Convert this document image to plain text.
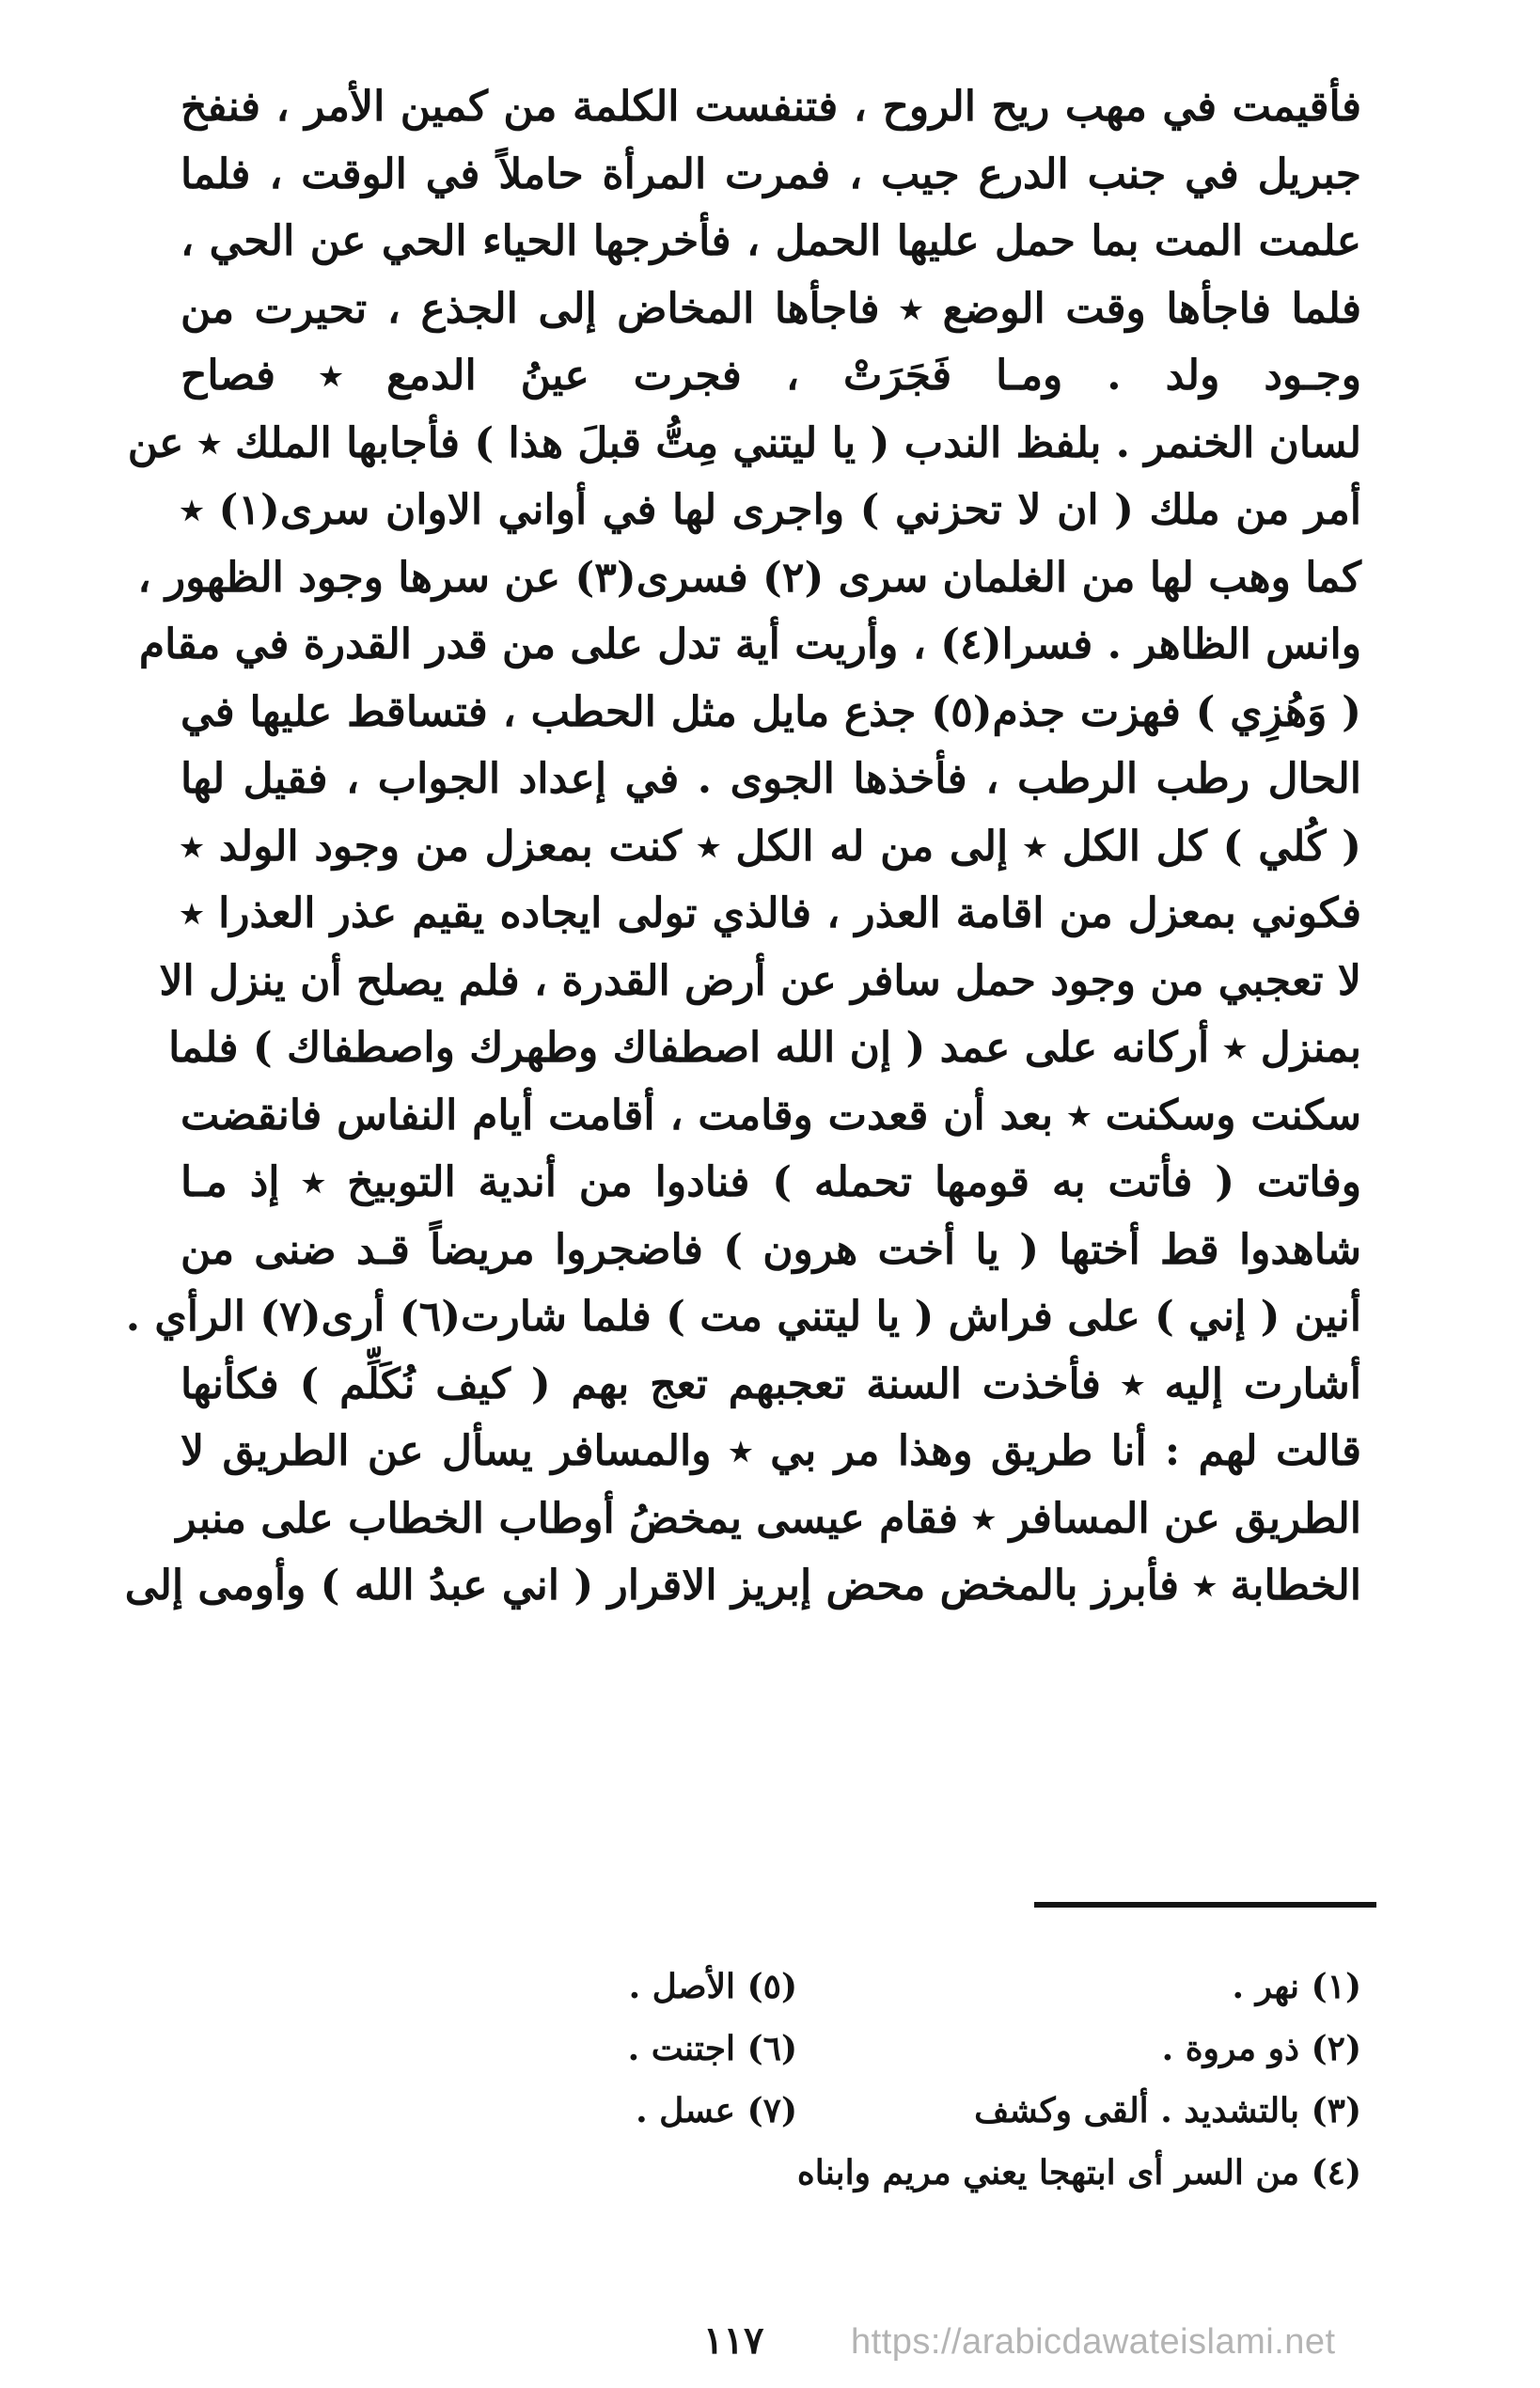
فأقيمت في مهب ريح الروح ، فتنفست الكلمة من كمين الأمر ، فنفخ
جبريل في جنب الدرع جيب ، فمرت المرأة حاملاً في الوقت ، فلما
علمت المت بما حمل عليها الحمل ، فأخرجها الحياء الحي عن الحي ،
فلما فاجأها وقت الوضع ٭ فاجأها المخاض إلى الجذع ، تحيرت من
وجـود ولد . ومـا فَجَرَتْ ، فجرت عينُ الدمع ٭ فصاح
لسان الخنمر . بلفظ الندب ( يا ليتني مِتُّ قبلَ هذا ) فأجابها الملك ٭ عن
أمر من ملك ( ان لا تحزني ) واجرى لها في أواني الاوان سرى(١) ٭
كما وهب لها من الغلمان سرى (٢) فسرى(٣) عن سرها وجود الظهور ،
وانس الظاهر . فسرا(٤) ، وأريت أية تدل على من قدر القدرة في مقام
( وَهُزِي ) فهزت جذم(٥) جذع مايل مثل الحطب ، فتساقط عليها في
الحال رطب الرطب ، فأخذها الجوى . في إعداد الجواب ، فقيل لها
( كُلي ) كل الكل ٭ إلى من له الكل ٭ كنت بمعزل من وجود الولد ٭
فكوني بمعزل من اقامة العذر ، فالذي تولى ايجاده يقيم عذر العذرا ٭
لا تعجبي من وجود حمل سافر عن أرض القدرة ، فلم يصلح أن ينزل الا
بمنزل ٭ أركانه على عمد ( إن الله اصطفاك وطهرك واصطفاك ) فلما
سكنت وسكنت ٭ بعد أن قعدت وقامت ، أقامت أيام النفاس فانقضت
وفاتت ( فأتت به قومها تحمله ) فنادوا من أندية التوبيخ ٭ إذ مـا
شاهدوا قط أختها ( يا أخت هرون ) فاضجروا مريضاً قـد ضنى من
أنين ( إني ) على فراش ( يا ليتني مت ) فلما شارت(٦) أرى(٧) الرأي .
أشارت إليه ٭ فأخذت السنة تعجبهم تعج بهم ( كيف نُكَلِّم ) فكأنها
قالت لهم : أنا طريق وهذا مر بي ٭ والمسافر يسأل عن الطريق لا
الطريق عن المسافر ٭ فقام عيسى يمخضُ أوطاب الخطاب على منبر
الخطابة ٭ فأبرز بالمخض محض إبريز الاقرار ( اني عبدُ الله ) وأومى إلى
(١) نهر .
(٥) الأصل .
(٢) ذو مروة .
(٦) اجتنت .
(٣) بالتشديد . ألقى وكشف
(٧) عسل .
(٤) من السر أى ابتهجا يعني مريم وابناه
١١٧ https://arabicdawateislami.net
